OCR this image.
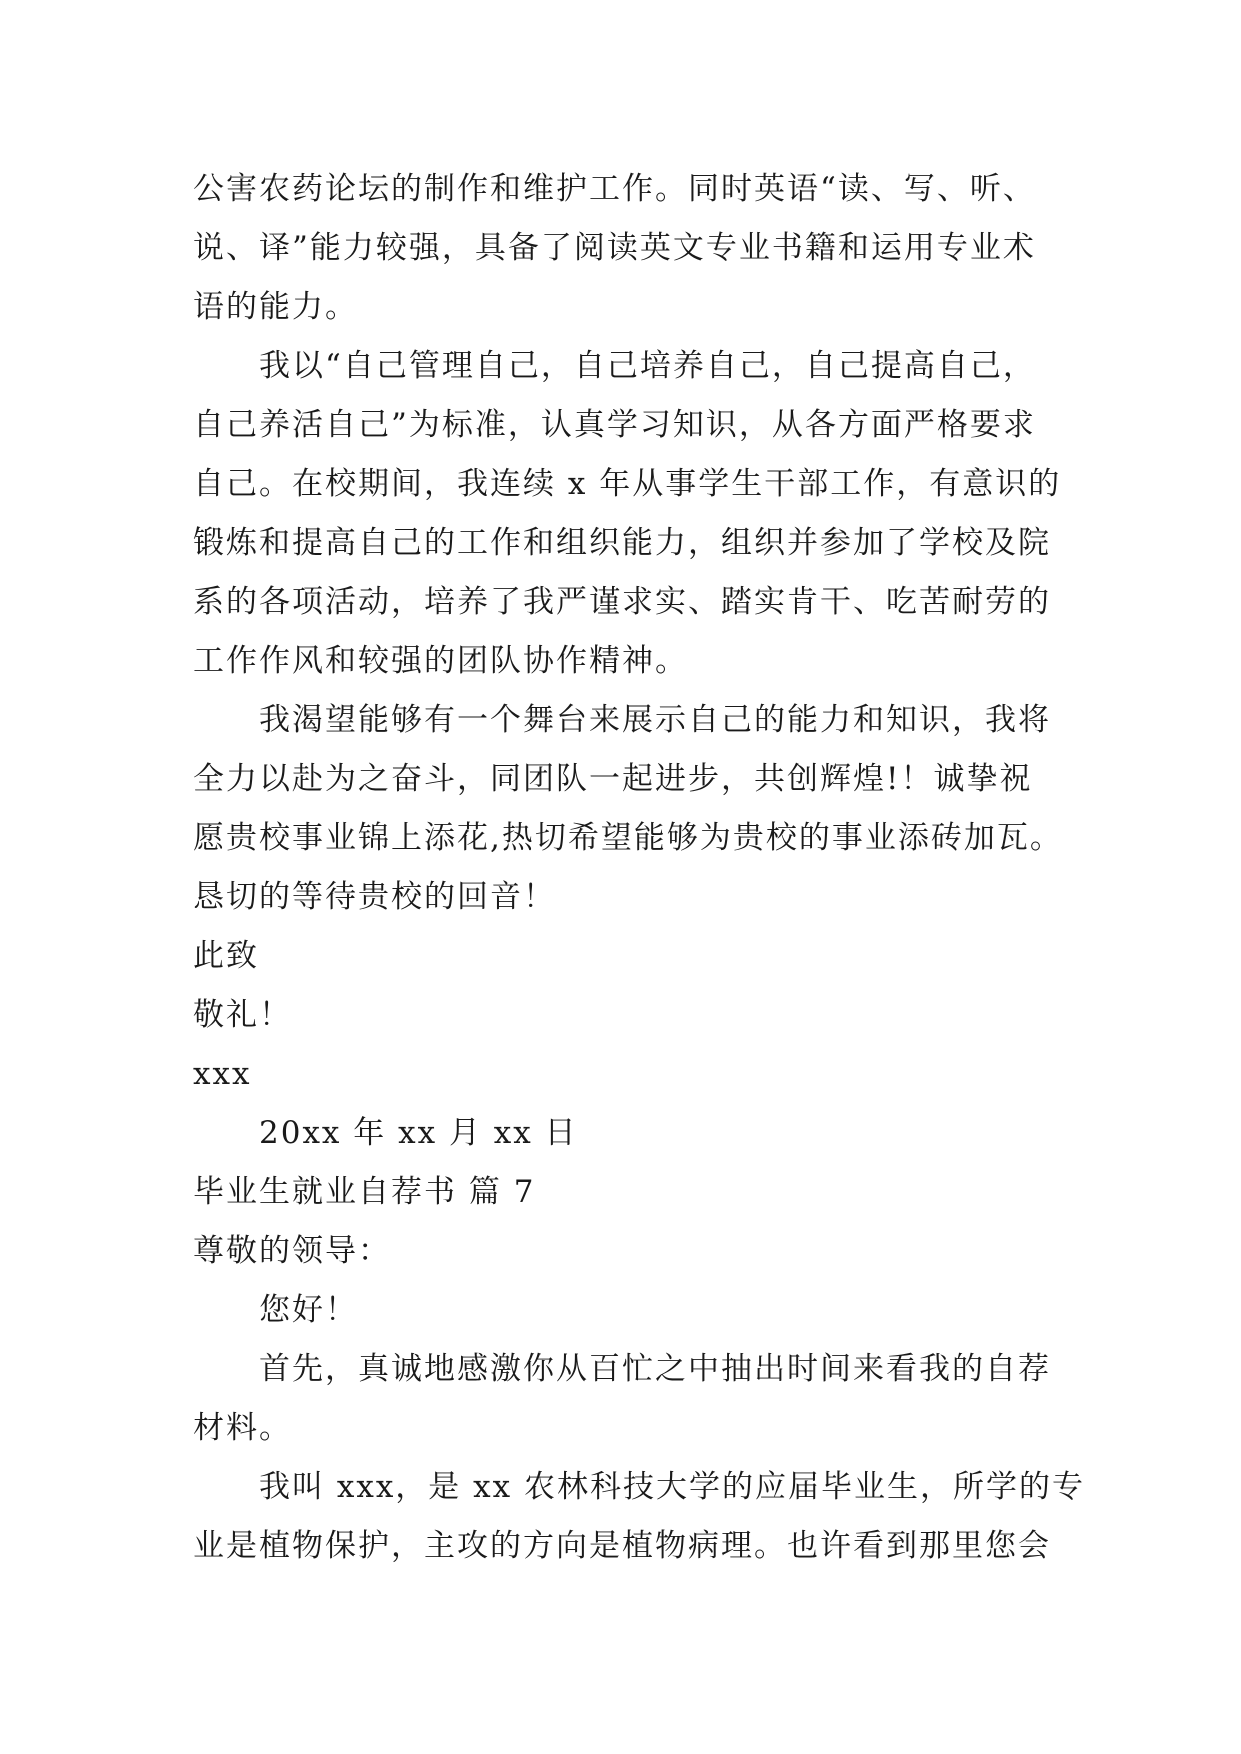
公害农药论坛的制作和维护工作。同时英语“读、写、听、
说、译”能力较强，具备了阅读英文专业书籍和运用专业术
语的能力。
我以“自己管理自己，自己培养自己，自己提高自己，
自己养活自己”为标准，认真学习知识，从各方面严格要求
自己。在校期间，我连续 x 年从事学生干部工作，有意识的
锻炼和提高自己的工作和组织能力，组织并参加了学校及院
系的各项活动，培养了我严谨求实、踏实肯干、吃苦耐劳的
工作作风和较强的团队协作精神。
我渴望能够有一个舞台来展示自己的能力和知识，我将
全力以赴为之奋斗，同团队一起进步，共创辉煌!！诚挚祝
愿贵校事业锦上添花,热切希望能够为贵校的事业添砖加瓦。
恳切的等待贵校的回音！
此致
敬礼！
xxx
20xx 年 xx 月 xx 日
毕业生就业自荐书 篇 7
尊敬的领导：
您好！
首先，真诚地感激你从百忙之中抽出时间来看我的自荐
材料。
我叫 xxx，是 xx 农林科技大学的应届毕业生，所学的专
业是植物保护，主攻的方向是植物病理。也许看到那里您会
